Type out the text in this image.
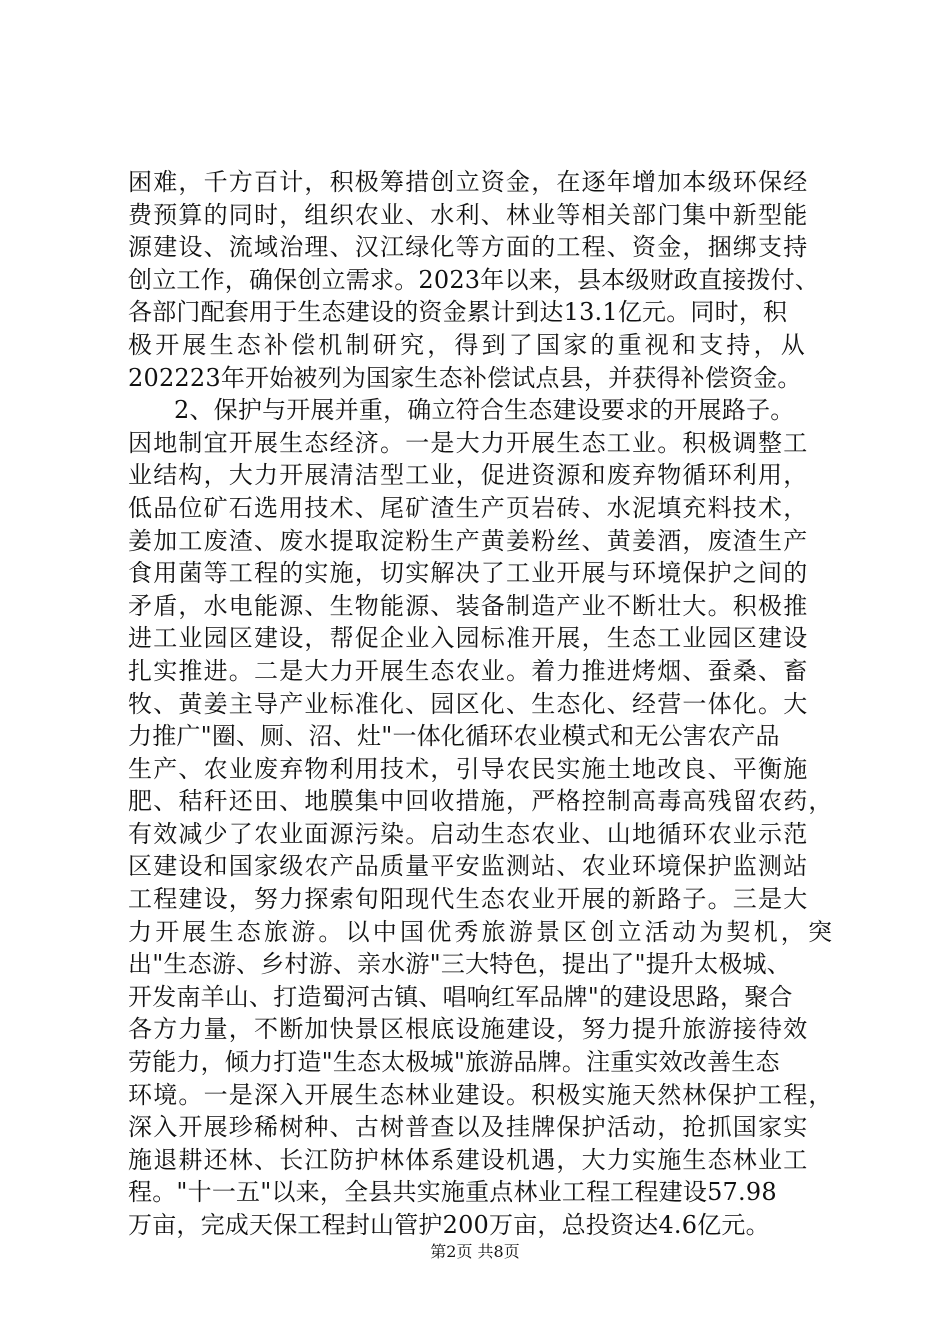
困难，千方百计，积极筹措创立资金，在逐年增加本级环保经
费预算的同时，组织农业、水利、林业等相关部门集中新型能
源建设、流域治理、汉江绿化等方面的工程、资金，捆绑支持
创立工作，确保创立需求。2023年以来，县本级财政直接拨付、
各部门配套用于生态建设的资金累计到达13.1亿元。同时，积
极开展生态补偿机制研究，得到了国家的重视和支持，从
202223年开始被列为国家生态补偿试点县，并获得补偿资金。
2、保护与开展并重，确立符合生态建设要求的开展路子。
因地制宜开展生态经济。一是大力开展生态工业。积极调整工
业结构，大力开展清洁型工业，促进资源和废弃物循环利用，
低品位矿石选用技术、尾矿渣生产页岩砖、水泥填充料技术，
姜加工废渣、废水提取淀粉生产黄姜粉丝、黄姜酒，废渣生产
食用菌等工程的实施，切实解决了工业开展与环境保护之间的
矛盾，水电能源、生物能源、装备制造产业不断壮大。积极推
进工业园区建设，帮促企业入园标准开展，生态工业园区建设
扎实推进。二是大力开展生态农业。着力推进烤烟、蚕桑、畜
牧、黄姜主导产业标准化、园区化、生态化、经营一体化。大
力推广"圈、厕、沼、灶"一体化循环农业模式和无公害农产品
生产、农业废弃物利用技术，引导农民实施土地改良、平衡施
肥、秸秆还田、地膜集中回收措施，严格控制高毒高残留农药，
有效减少了农业面源污染。启动生态农业、山地循环农业示范
区建设和国家级农产品质量平安监测站、农业环境保护监测站
工程建设，努力探索旬阳现代生态农业开展的新路子。三是大
力开展生态旅游。以中国优秀旅游景区创立活动为契机，突
出"生态游、乡村游、亲水游"三大特色，提出了"提升太极城、
开发南羊山、打造蜀河古镇、唱响红军品牌"的建设思路，聚合
各方力量，不断加快景区根底设施建设，努力提升旅游接待效
劳能力，倾力打造"生态太极城"旅游品牌。注重实效改善生态
环境。一是深入开展生态林业建设。积极实施天然林保护工程，
深入开展珍稀树种、古树普查以及挂牌保护活动，抢抓国家实
施退耕还林、长江防护林体系建设机遇，大力实施生态林业工
程。"十一五"以来，全县共实施重点林业工程工程建设57.98
万亩，完成天保工程封山管护200万亩，总投资达4.6亿元。
第2页 共8页
